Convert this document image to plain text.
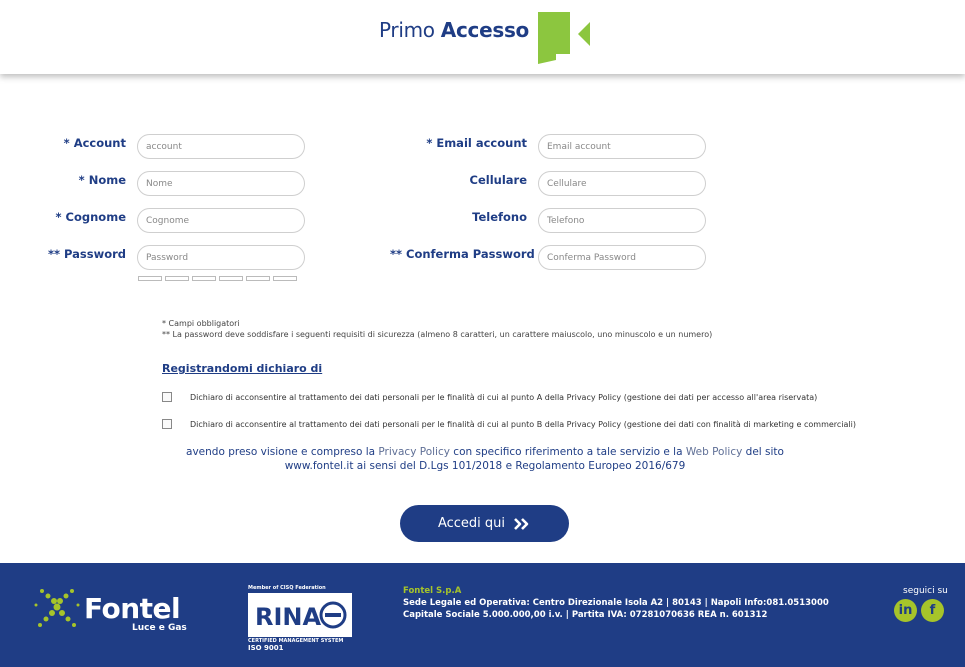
Primo Accesso
* Account
account
* Nome
Nome
* Cognome
Cognome
** Password
* Email account
Email account
Cellulare
Cellulare
Telefono
Telefono
** Conferma Password
* Campi obbligatori
** La password deve soddisfare i seguenti requisiti di sicurezza (almeno 8 caratteri, un carattere maiuscolo, uno minuscolo e un numero)
Registrandomi dichiaro di
Dichiaro di acconsentire al trattamento dei dati personali per le finalità di cui al punto A della Privacy Policy (gestione dei dati per accesso all'area riservata)
Dichiaro di acconsentire al trattamento dei dati personali per le finalità di cui al punto B della Privacy Policy (gestione dei dati con finalità di marketing e commerciali)
avendo preso visione e compreso la Privacy Policy con specifico riferimento a tale servizio e la Web Policy del sito www.fontel.it ai sensi del D.Lgs 101/2018 e Regolamento Europeo 2016/679
Accedi qui
Fontel
Luce e Gas
Member of CISQ Federation
RINA
CERTIFIED MANAGEMENT SYSTEM
ISO 9001
Fontel S.p.A
Sede Legale ed Operativa: Centro Direzionale Isola A2 | 80143 | Napoli Info:081.0513000
Capitale Sociale 5.000.000,00 i.v. | Partita IVA: 07281070636 REA n. 601312
seguici su
in f
